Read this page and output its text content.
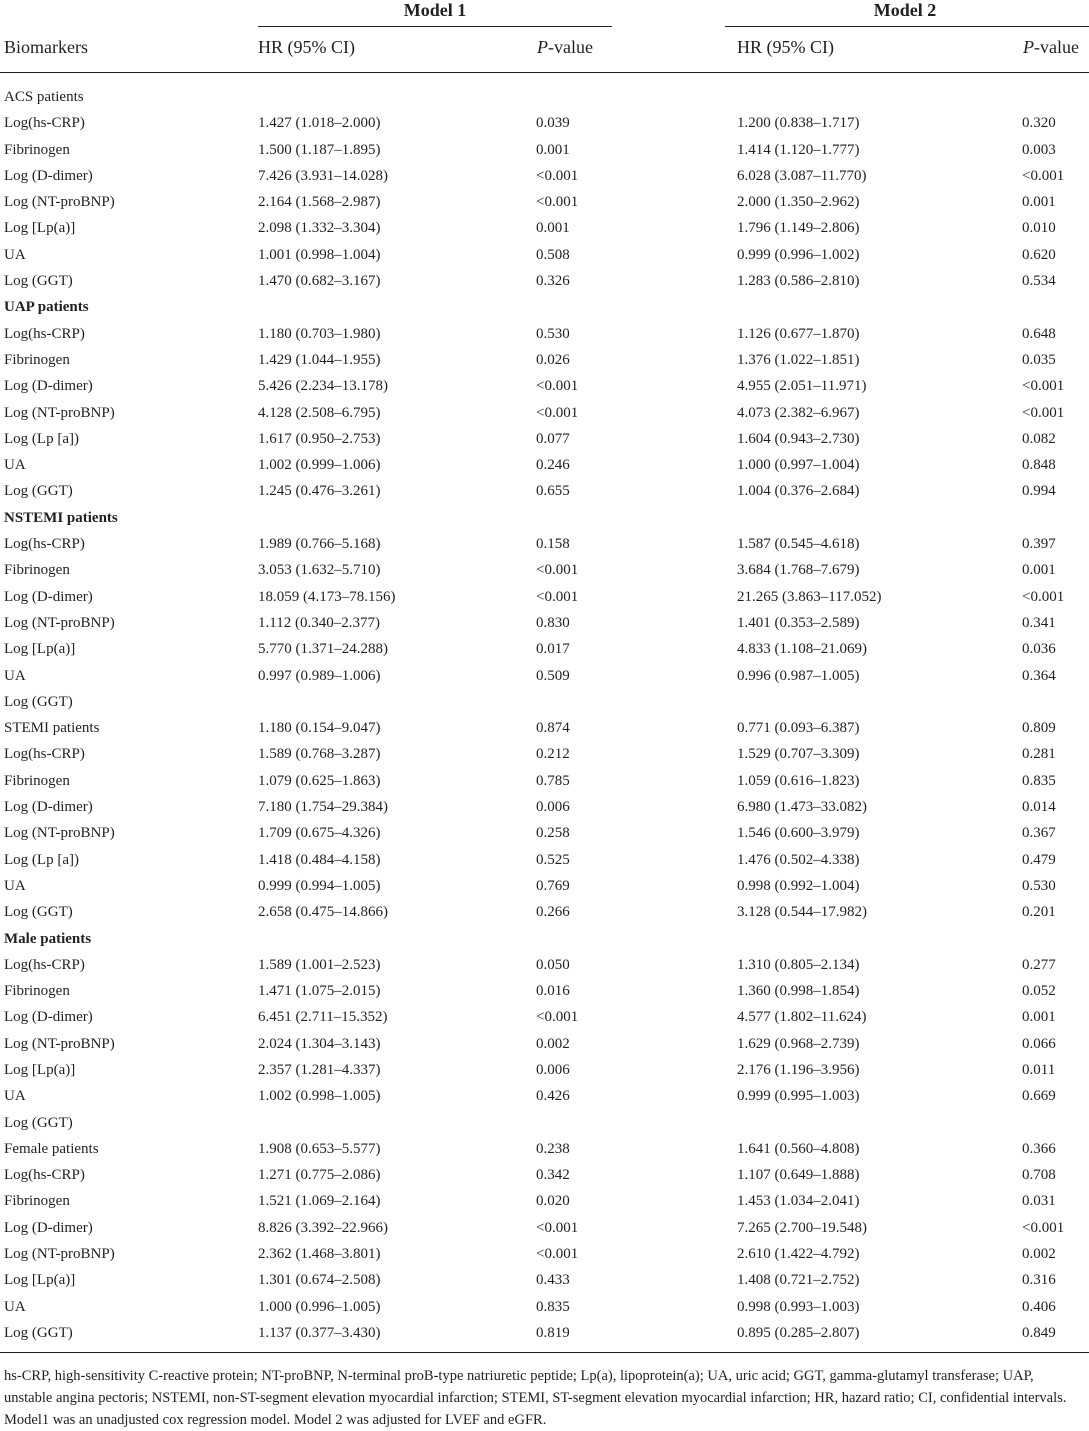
Model 1	Model 2
Biomarkers	HR (95% CI)	P-value	HR (95% CI)	P-value
ACS patients
Log(hs-CRP)	1.427 (1.018–2.000)	0.039	1.200 (0.838–1.717)	0.320
Fibrinogen	1.500 (1.187–1.895)	0.001	1.414 (1.120–1.777)	0.003
Log (D-dimer)	7.426 (3.931–14.028)	<0.001	6.028 (3.087–11.770)	<0.001
Log (NT-proBNP)	2.164 (1.568–2.987)	<0.001	2.000 (1.350–2.962)	0.001
Log [Lp(a)]	2.098 (1.332–3.304)	0.001	1.796 (1.149–2.806)	0.010
UA	1.001 (0.998–1.004)	0.508	0.999 (0.996–1.002)	0.620
Log (GGT)	1.470 (0.682–3.167)	0.326	1.283 (0.586–2.810)	0.534
UAP patients
Log(hs-CRP)	1.180 (0.703–1.980)	0.530	1.126 (0.677–1.870)	0.648
Fibrinogen	1.429 (1.044–1.955)	0.026	1.376 (1.022–1.851)	0.035
Log (D-dimer)	5.426 (2.234–13.178)	<0.001	4.955 (2.051–11.971)	<0.001
Log (NT-proBNP)	4.128 (2.508–6.795)	<0.001	4.073 (2.382–6.967)	<0.001
Log (Lp [a])	1.617 (0.950–2.753)	0.077	1.604 (0.943–2.730)	0.082
UA	1.002 (0.999–1.006)	0.246	1.000 (0.997–1.004)	0.848
Log (GGT)	1.245 (0.476–3.261)	0.655	1.004 (0.376–2.684)	0.994
NSTEMI patients
Log(hs-CRP)	1.989 (0.766–5.168)	0.158	1.587 (0.545–4.618)	0.397
Fibrinogen	3.053 (1.632–5.710)	<0.001	3.684 (1.768–7.679)	0.001
Log (D-dimer)	18.059 (4.173–78.156)	<0.001	21.265 (3.863–117.052)	<0.001
Log (NT-proBNP)	1.112 (0.340–2.377)	0.830	1.401 (0.353–2.589)	0.341
Log [Lp(a)]	5.770 (1.371–24.288)	0.017	4.833 (1.108–21.069)	0.036
UA	0.997 (0.989–1.006)	0.509	0.996 (0.987–1.005)	0.364
Log (GGT)
STEMI patients	1.180 (0.154–9.047)	0.874	0.771 (0.093–6.387)	0.809
Log(hs-CRP)	1.589 (0.768–3.287)	0.212	1.529 (0.707–3.309)	0.281
Fibrinogen	1.079 (0.625–1.863)	0.785	1.059 (0.616–1.823)	0.835
Log (D-dimer)	7.180 (1.754–29.384)	0.006	6.980 (1.473–33.082)	0.014
Log (NT-proBNP)	1.709 (0.675–4.326)	0.258	1.546 (0.600–3.979)	0.367
Log (Lp [a])	1.418 (0.484–4.158)	0.525	1.476 (0.502–4.338)	0.479
UA	0.999 (0.994–1.005)	0.769	0.998 (0.992–1.004)	0.530
Log (GGT)	2.658 (0.475–14.866)	0.266	3.128 (0.544–17.982)	0.201
Male patients
Log(hs-CRP)	1.589 (1.001–2.523)	0.050	1.310 (0.805–2.134)	0.277
Fibrinogen	1.471 (1.075–2.015)	0.016	1.360 (0.998–1.854)	0.052
Log (D-dimer)	6.451 (2.711–15.352)	<0.001	4.577 (1.802–11.624)	0.001
Log (NT-proBNP)	2.024 (1.304–3.143)	0.002	1.629 (0.968–2.739)	0.066
Log [Lp(a)]	2.357 (1.281–4.337)	0.006	2.176 (1.196–3.956)	0.011
UA	1.002 (0.998–1.005)	0.426	0.999 (0.995–1.003)	0.669
Log (GGT)
Female patients	1.908 (0.653–5.577)	0.238	1.641 (0.560–4.808)	0.366
Log(hs-CRP)	1.271 (0.775–2.086)	0.342	1.107 (0.649–1.888)	0.708
Fibrinogen	1.521 (1.069–2.164)	0.020	1.453 (1.034–2.041)	0.031
Log (D-dimer)	8.826 (3.392–22.966)	<0.001	7.265 (2.700–19.548)	<0.001
Log (NT-proBNP)	2.362 (1.468–3.801)	<0.001	2.610 (1.422–4.792)	0.002
Log [Lp(a)]	1.301 (0.674–2.508)	0.433	1.408 (0.721–2.752)	0.316
UA	1.000 (0.996–1.005)	0.835	0.998 (0.993–1.003)	0.406
Log (GGT)	1.137 (0.377–3.430)	0.819	0.895 (0.285–2.807)	0.849
hs-CRP, high-sensitivity C-reactive protein; NT-proBNP, N-terminal proB-type natriuretic peptide; Lp(a), lipoprotein(a); UA, uric acid; GGT, gamma-glutamyl transferase; UAP, unstable angina pectoris; NSTEMI, non-ST-segment elevation myocardial infarction; STEMI, ST-segment elevation myocardial infarction; HR, hazard ratio; CI, confidential intervals. Model1 was an unadjusted cox regression model. Model 2 was adjusted for LVEF and eGFR.
